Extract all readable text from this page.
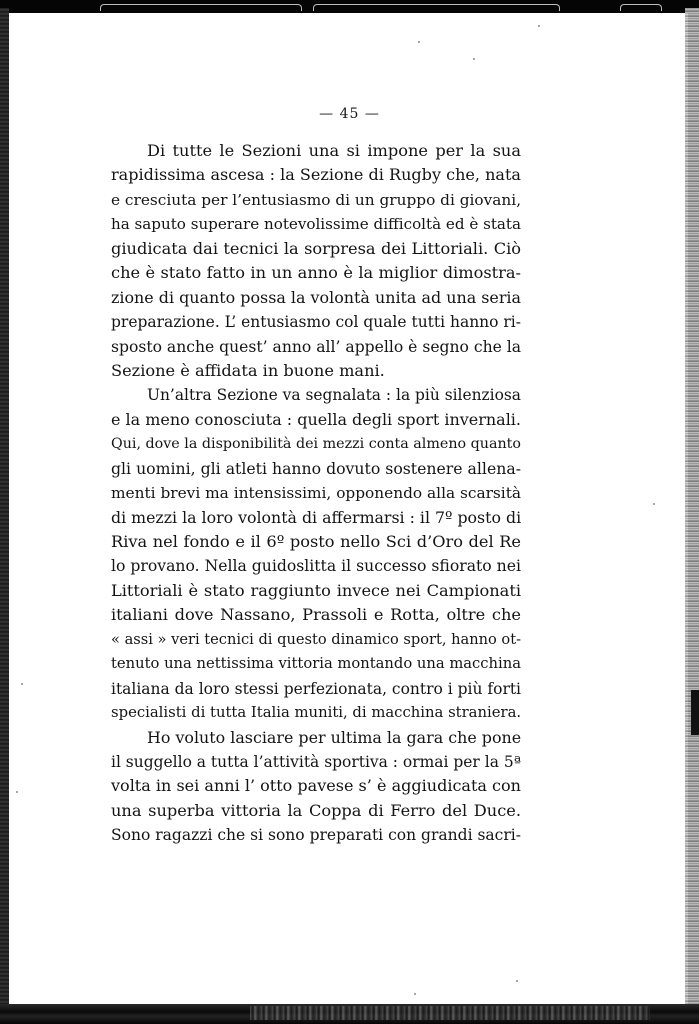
— 45 —
Di tutte le Sezioni una si impone per la sua
rapidissima ascesa : la Sezione di Rugby che, nata
e cresciuta per l’entusiasmo di un gruppo di giovani,
ha saputo superare notevolissime difficoltà ed è stata
giudicata dai tecnici la sorpresa dei Littoriali. Ciò
che è stato fatto in un anno è la miglior dimostra-
zione di quanto possa la volontà unita ad una seria
preparazione. L’ entusiasmo col quale tutti hanno ri-
sposto anche quest’ anno all’ appello è segno che la
Sezione è affidata in buone mani.
Un’altra Sezione va segnalata : la più silenziosa
e la meno conosciuta : quella degli sport invernali.
Qui, dove la disponibilità dei mezzi conta almeno quanto
gli uomini, gli atleti hanno dovuto sostenere allena-
menti brevi ma intensissimi, opponendo alla scarsità
di mezzi la loro volontà di affermarsi : il 7º posto di
Riva nel fondo e il 6º posto nello Sci d’Oro del Re
lo provano. Nella guidoslitta il successo sfiorato nei
Littoriali è stato raggiunto invece nei Campionati
italiani dove Nassano, Prassoli e Rotta, oltre che
« assi » veri tecnici di questo dinamico sport, hanno ot-
tenuto una nettissima vittoria montando una macchina
italiana da loro stessi perfezionata, contro i più forti
specialisti di tutta Italia muniti, di macchina straniera.
Ho voluto lasciare per ultima la gara che pone
il suggello a tutta l’attività sportiva : ormai per la 5ª
volta in sei anni l’ otto pavese s’ è aggiudicata con
una superba vittoria la Coppa di Ferro del Duce.
Sono ragazzi che si sono preparati con grandi sacri-
